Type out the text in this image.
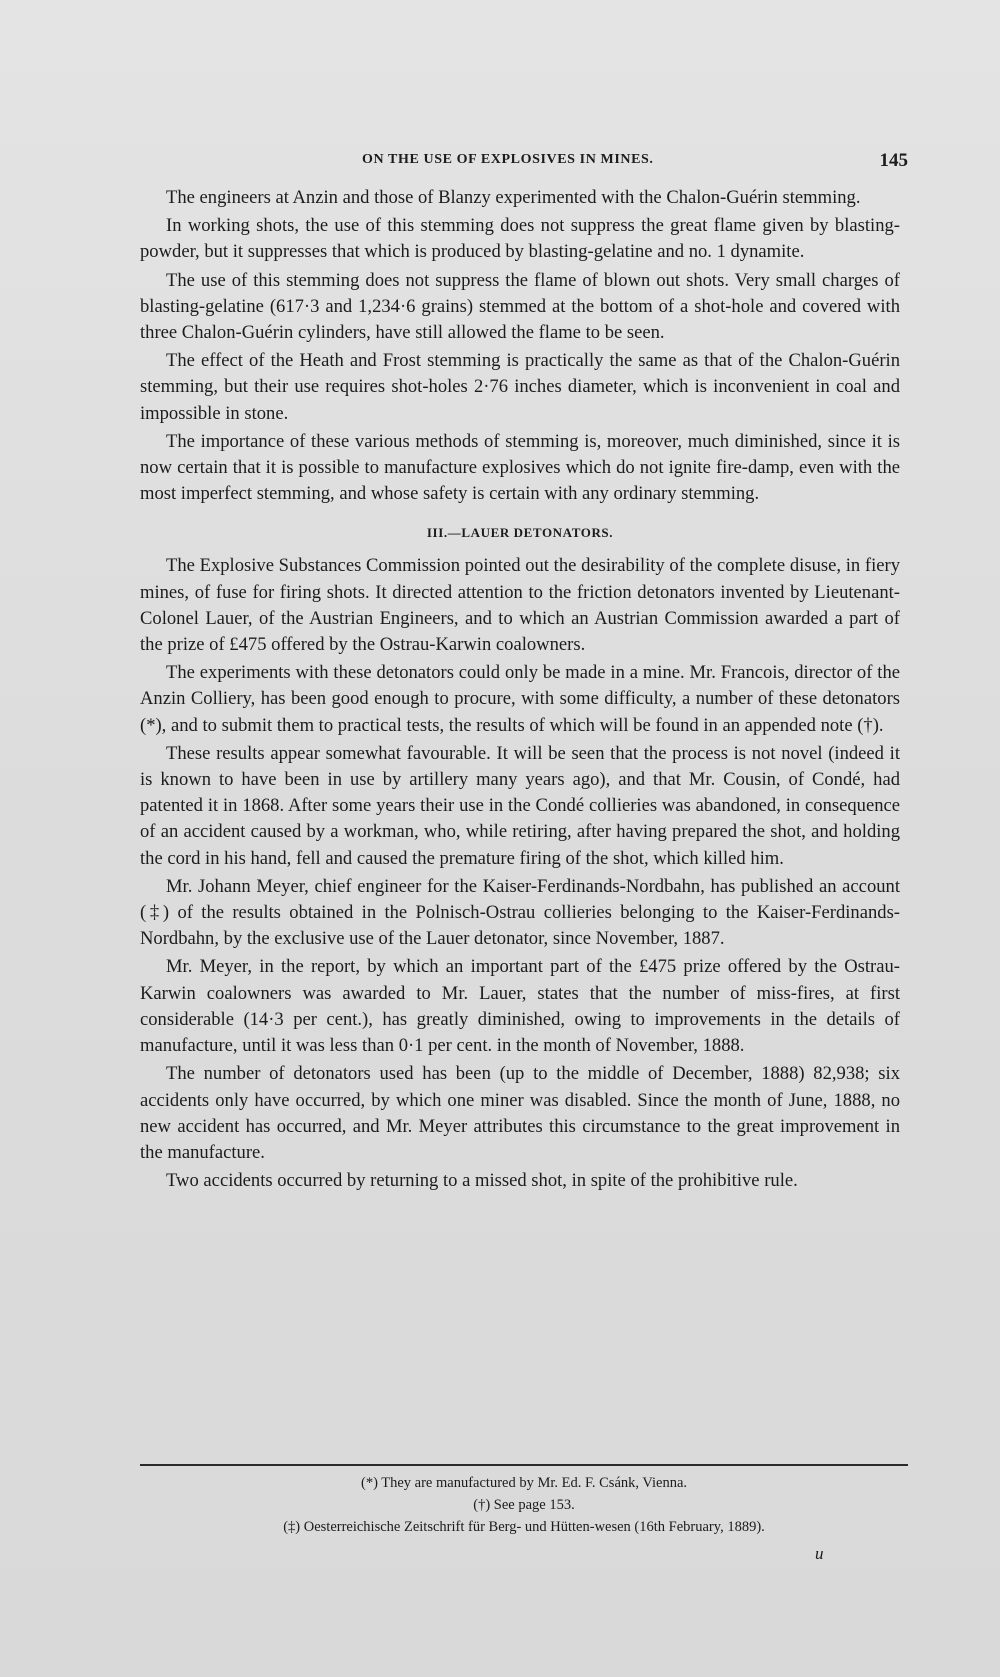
ON THE USE OF EXPLOSIVES IN MINES.	145

The engineers at Anzin and those of Blanzy experimented with the Chalon-Guérin stemming.

In working shots, the use of this stemming does not suppress the great flame given by blasting-powder, but it suppresses that which is produced by blasting-gelatine and no. 1 dynamite.

The use of this stemming does not suppress the flame of blown out shots. Very small charges of blasting-gelatine (617·3 and 1,234·6 grains) stemmed at the bottom of a shot-hole and covered with three Chalon-Guérin cylinders, have still allowed the flame to be seen.

The effect of the Heath and Frost stemming is practically the same as that of the Chalon-Guérin stemming, but their use requires shot-holes 2·76 inches diameter, which is inconvenient in coal and impossible in stone.

The importance of these various methods of stemming is, moreover, much diminished, since it is now certain that it is possible to manufacture explosives which do not ignite fire-damp, even with the most imperfect stemming, and whose safety is certain with any ordinary stemming.

III.—LAUER DETONATORS.

The Explosive Substances Commission pointed out the desirability of the complete disuse, in fiery mines, of fuse for firing shots. It directed attention to the friction detonators invented by Lieutenant-Colonel Lauer, of the Austrian Engineers, and to which an Austrian Commission awarded a part of the prize of £475 offered by the Ostrau-Karwin coalowners.

The experiments with these detonators could only be made in a mine. Mr. Francois, director of the Anzin Colliery, has been good enough to procure, with some difficulty, a number of these detonators (*), and to submit them to practical tests, the results of which will be found in an appended note (†).

These results appear somewhat favourable. It will be seen that the process is not novel (indeed it is known to have been in use by artillery many years ago), and that Mr. Cousin, of Condé, had patented it in 1868. After some years their use in the Condé collieries was abandoned, in consequence of an accident caused by a workman, who, while retiring, after having prepared the shot, and holding the cord in his hand, fell and caused the premature firing of the shot, which killed him.

Mr. Johann Meyer, chief engineer for the Kaiser-Ferdinands-Nordbahn, has published an account (‡) of the results obtained in the Polnisch-Ostrau collieries belonging to the Kaiser-Ferdinands-Nordbahn, by the exclusive use of the Lauer detonator, since November, 1887.

Mr. Meyer, in the report, by which an important part of the £475 prize offered by the Ostrau-Karwin coalowners was awarded to Mr. Lauer, states that the number of miss-fires, at first considerable (14·3 per cent.), has greatly diminished, owing to improvements in the details of manufacture, until it was less than 0·1 per cent. in the month of November, 1888.

The number of detonators used has been (up to the middle of December, 1888) 82,938; six accidents only have occurred, by which one miner was disabled. Since the month of June, 1888, no new accident has occurred, and Mr. Meyer attributes this circumstance to the great improvement in the manufacture.

Two accidents occurred by returning to a missed shot, in spite of the prohibitive rule.

(*) They are manufactured by Mr. Ed. F. Csánk, Vienna.
(†) See page 153.
(‡) Oesterreichische Zeitschrift für Berg- und Hütten-wesen (16th February, 1889).
u
